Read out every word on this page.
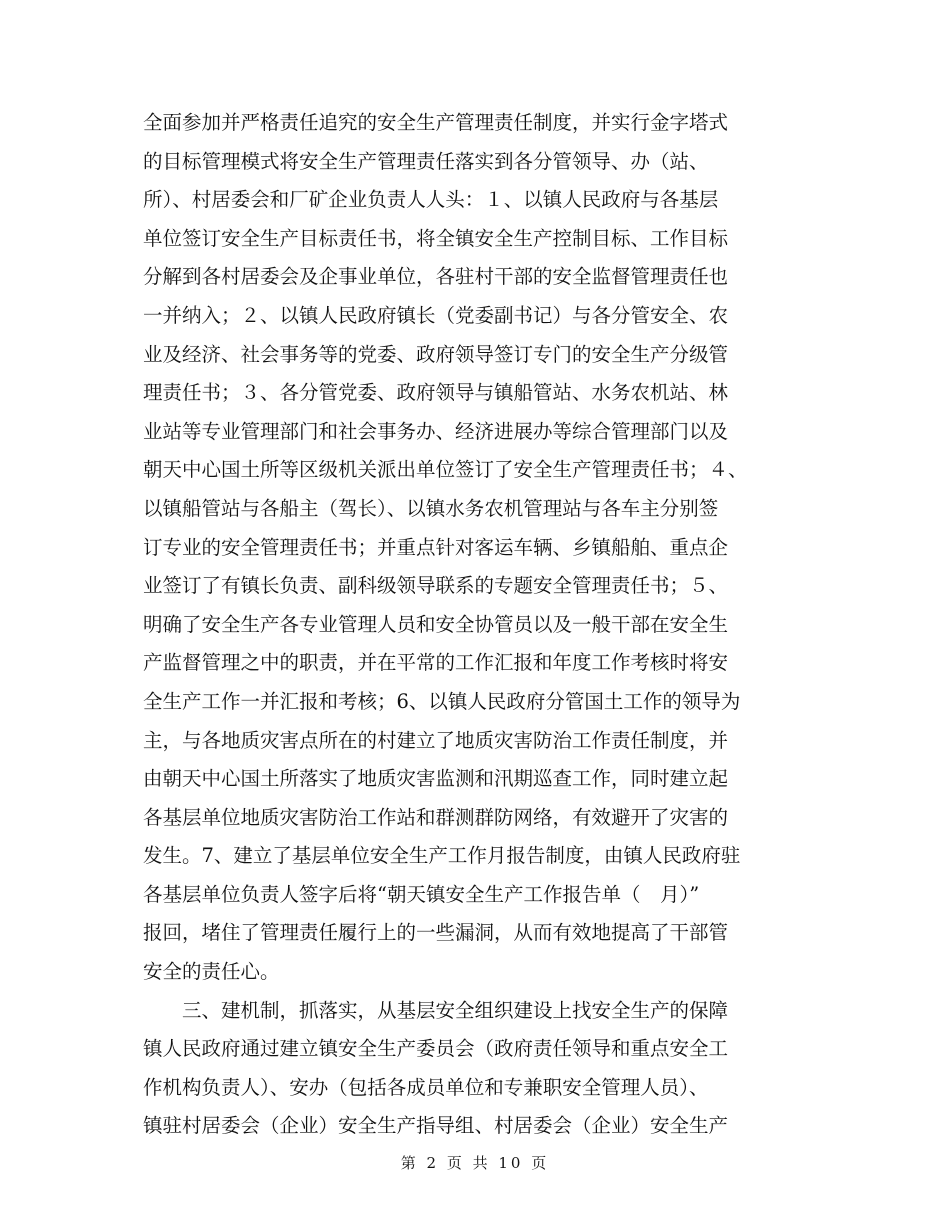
全面参加并严格责任追究的安全生产管理责任制度，并实行金字塔式
的目标管理模式将安全生产管理责任落实到各分管领导、办（站、
所）、村居委会和厂矿企业负责人人头：１、以镇人民政府与各基层
单位签订安全生产目标责任书，将全镇安全生产控制目标、工作目标
分解到各村居委会及企事业单位，各驻村干部的安全监督管理责任也
一并纳入；２、以镇人民政府镇长（党委副书记）与各分管安全、农
业及经济、社会事务等的党委、政府领导签订专门的安全生产分级管
理责任书；３、各分管党委、政府领导与镇船管站、水务农机站、林
业站等专业管理部门和社会事务办、经济进展办等综合管理部门以及
朝天中心国土所等区级机关派出单位签订了安全生产管理责任书；４、
以镇船管站与各船主（驾长）、以镇水务农机管理站与各车主分别签
订专业的安全管理责任书；并重点针对客运车辆、乡镇船舶、重点企
业签订了有镇长负责、副科级领导联系的专题安全管理责任书；５、
明确了安全生产各专业管理人员和安全协管员以及一般干部在安全生
产监督管理之中的职责，并在平常的工作汇报和年度工作考核时将安
全生产工作一并汇报和考核；6、以镇人民政府分管国土工作的领导为
主，与各地质灾害点所在的村建立了地质灾害防治工作责任制度，并
由朝天中心国土所落实了地质灾害监测和汛期巡查工作，同时建立起
各基层单位地质灾害防治工作站和群测群防网络，有效避开了灾害的
发生。7、建立了基层单位安全生产工作月报告制度，由镇人民政府驻
各基层单位负责人签字后将“朝天镇安全生产工作报告单（　月）”
报回，堵住了管理责任履行上的一些漏洞，从而有效地提高了干部管
安全的责任心。
　　三、建机制，抓落实，从基层安全组织建设上找安全生产的保障
镇人民政府通过建立镇安全生产委员会（政府责任领导和重点安全工
作机构负责人）、安办（包括各成员单位和专兼职安全管理人员）、
镇驻村居委会（企业）安全生产指导组、村居委会（企业）安全生产
第 2 页 共 10 页
